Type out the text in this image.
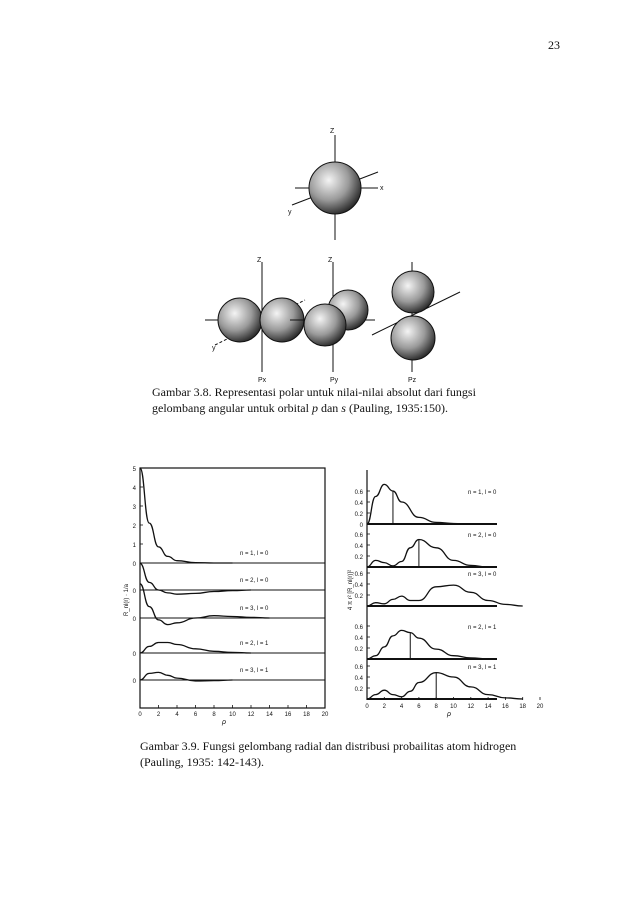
23
Z
x
y
Z
y
Px
Z
Py	Pz
Gambar 3.8. Representasi polar untuk nilai-nilai absolut dari fungsi gelombang angular untuk orbital p dan s (Pauling, 1935:150).
5
4
3
2
1
0
n = 1, l = 0
0
n = 2, l = 0
0
n = 3, l = 0
0
n = 2, l = 1
0
n = 3, l = 1
0	2	4	6	8 10 12 14 16 18 20
ρ
R_nl(r) · 1/a
0.6
0.4
0.2
0
n = 1, l = 0
0.6
0.4
0.2
n = 2, l = 0
0.6
0.4
0.2
n = 3, l = 0
0.6
0.4
0.2
n = 2, l = 1
0.6
0.4
0.2
n = 3, l = 1
0 2 4 6 8 10 12 14 16 18 20
ρ
4 π r² [R_nl(r)]²
Gambar 3.9. Fungsi gelombang radial dan distribusi probailitas atom hidrogen (Pauling, 1935: 142-143).
